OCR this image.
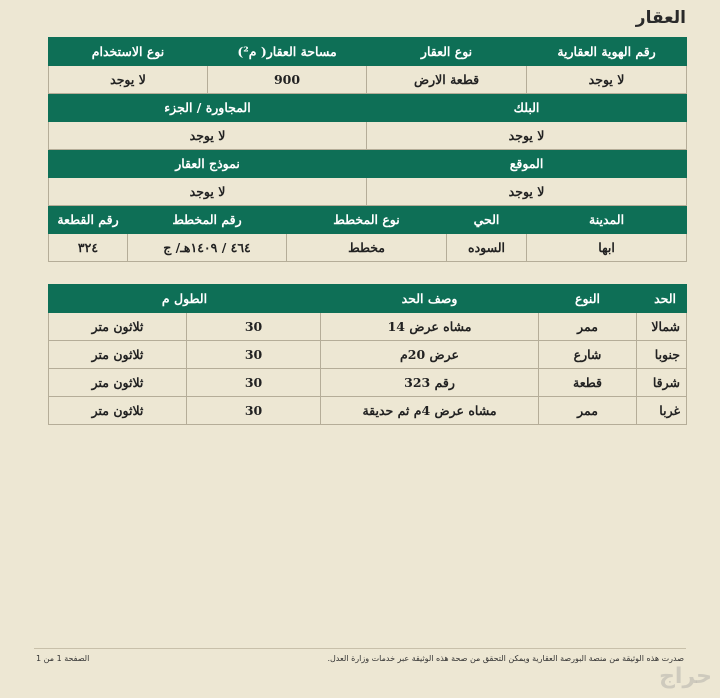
العقار
رقم الهوية العقارية	نوع العقار		مساحة العقار( م²)		نوع الاستخدام	
لا يوجد	قطعة الارض		900		لا يوجد	
البلك			المجاورة / الجزء			
لا يوجد			لا يوجد			
الموقع			نموذج العقار			
لا يوجد			لا يوجد			
المدينة	الحي	نوع المخطط		رقم المخطط		رقم القطعة
ابها	السوده	مخطط		٤٦٤ / ١٤٠٩هـ/ ج		٣٢٤
الحد	النوع	وصف الحد	الطول م	
شمالا	ممر	مشاه عرض 14	30	ثلاثون متر
جنوبا	شارع	عرض 20م	30	ثلاثون متر
شرقا	قطعة	رقم 323	30	ثلاثون متر
غربا	ممر	مشاه عرض 4م ثم حديقة	30	ثلاثون متر
صدرت هذه الوثيقة من منصة البورصة العقارية ويمكن التحقق من صحة هذه الوثيقة عبر خدمات وزارة العدل.
الصفحة 1 من 1
حراج
